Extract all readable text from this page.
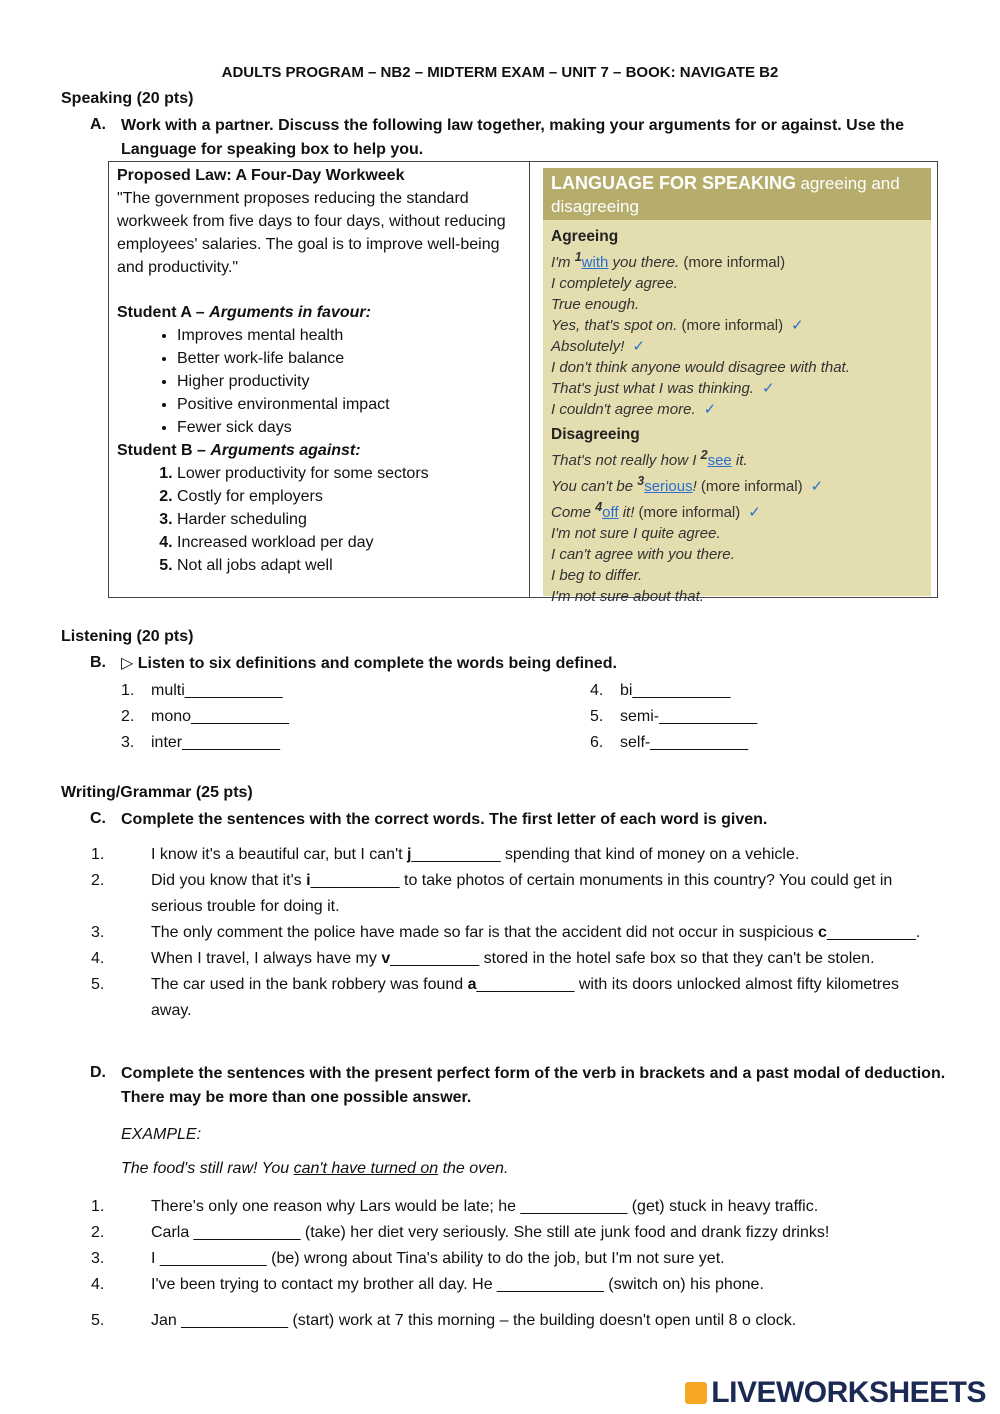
ADULTS PROGRAM – NB2 – MIDTERM EXAM – UNIT 7 – BOOK: NAVIGATE B2
Speaking (20 pts)
A. Work with a partner. Discuss the following law together, making your arguments for or against. Use the Language for speaking box to help you.
Proposed Law: A Four-Day Workweek
"The government proposes reducing the standard workweek from five days to four days, without reducing employees' salaries. The goal is to improve well-being and productivity."
Student A – Arguments in favour:
• Improves mental health
• Better work-life balance
• Higher productivity
• Positive environmental impact
• Fewer sick days
Student B – Arguments against:
1. Lower productivity for some sectors
2. Costly for employers
3. Harder scheduling
4. Increased workload per day
5. Not all jobs adapt well
LANGUAGE FOR SPEAKING agreeing and disagreeing
Agreeing
I'm $^1$with you there. (more informal)
I completely agree.
True enough.
Yes, that's spot on. (more informal) ✓
Absolutely! ✓
I don't think anyone would disagree with that.
That's just what I was thinking. ✓
I couldn't agree more. ✓
Disagreeing
That's not really how I $^2$see it.
You can't be $^3$serious! (more informal) ✓
Come $^4$off it! (more informal) ✓
I'm not sure I quite agree.
I can't agree with you there.
I beg to differ.
I'm not sure about that.
Listening (20 pts)
B. ▷ Listen to six definitions and complete the words being defined.
1. multi___________
2. mono___________
3. inter___________
4. bi___________
5. semi-___________
6. self-___________
Writing/Grammar (25 pts)
C. Complete the sentences with the correct words. The first letter of each word is given.
1.	I know it's a beautiful car, but I can't j__________ spending that kind of money on a vehicle.
2.	Did you know that it's i__________ to take photos of certain monuments in this country? You could get in serious trouble for doing it.
3.	The only comment the police have made so far is that the accident did not occur in suspicious c__________.
4.	When I travel, I always have my v__________ stored in the hotel safe box so that they can't be stolen.
5.	The car used in the bank robbery was found a___________ with its doors unlocked almost fifty kilometres away.
D. Complete the sentences with the present perfect form of the verb in brackets and a past modal of deduction. There may be more than one possible answer.
EXAMPLE:
The food's still raw! You can't have turned on the oven.
1.	There's only one reason why Lars would be late; he ____________ (get) stuck in heavy traffic.
2.	Carla ____________ (take) her diet very seriously. She still ate junk food and drank fizzy drinks!
3.	I ____________ (be) wrong about Tina's ability to do the job, but I'm not sure yet.
4.	I've been trying to contact my brother all day. He ____________ (switch on) his phone.
5.	Jan ____________ (start) work at 7 this morning – the building doesn't open until 8 o clock.
LIVEWORKSHEETS
